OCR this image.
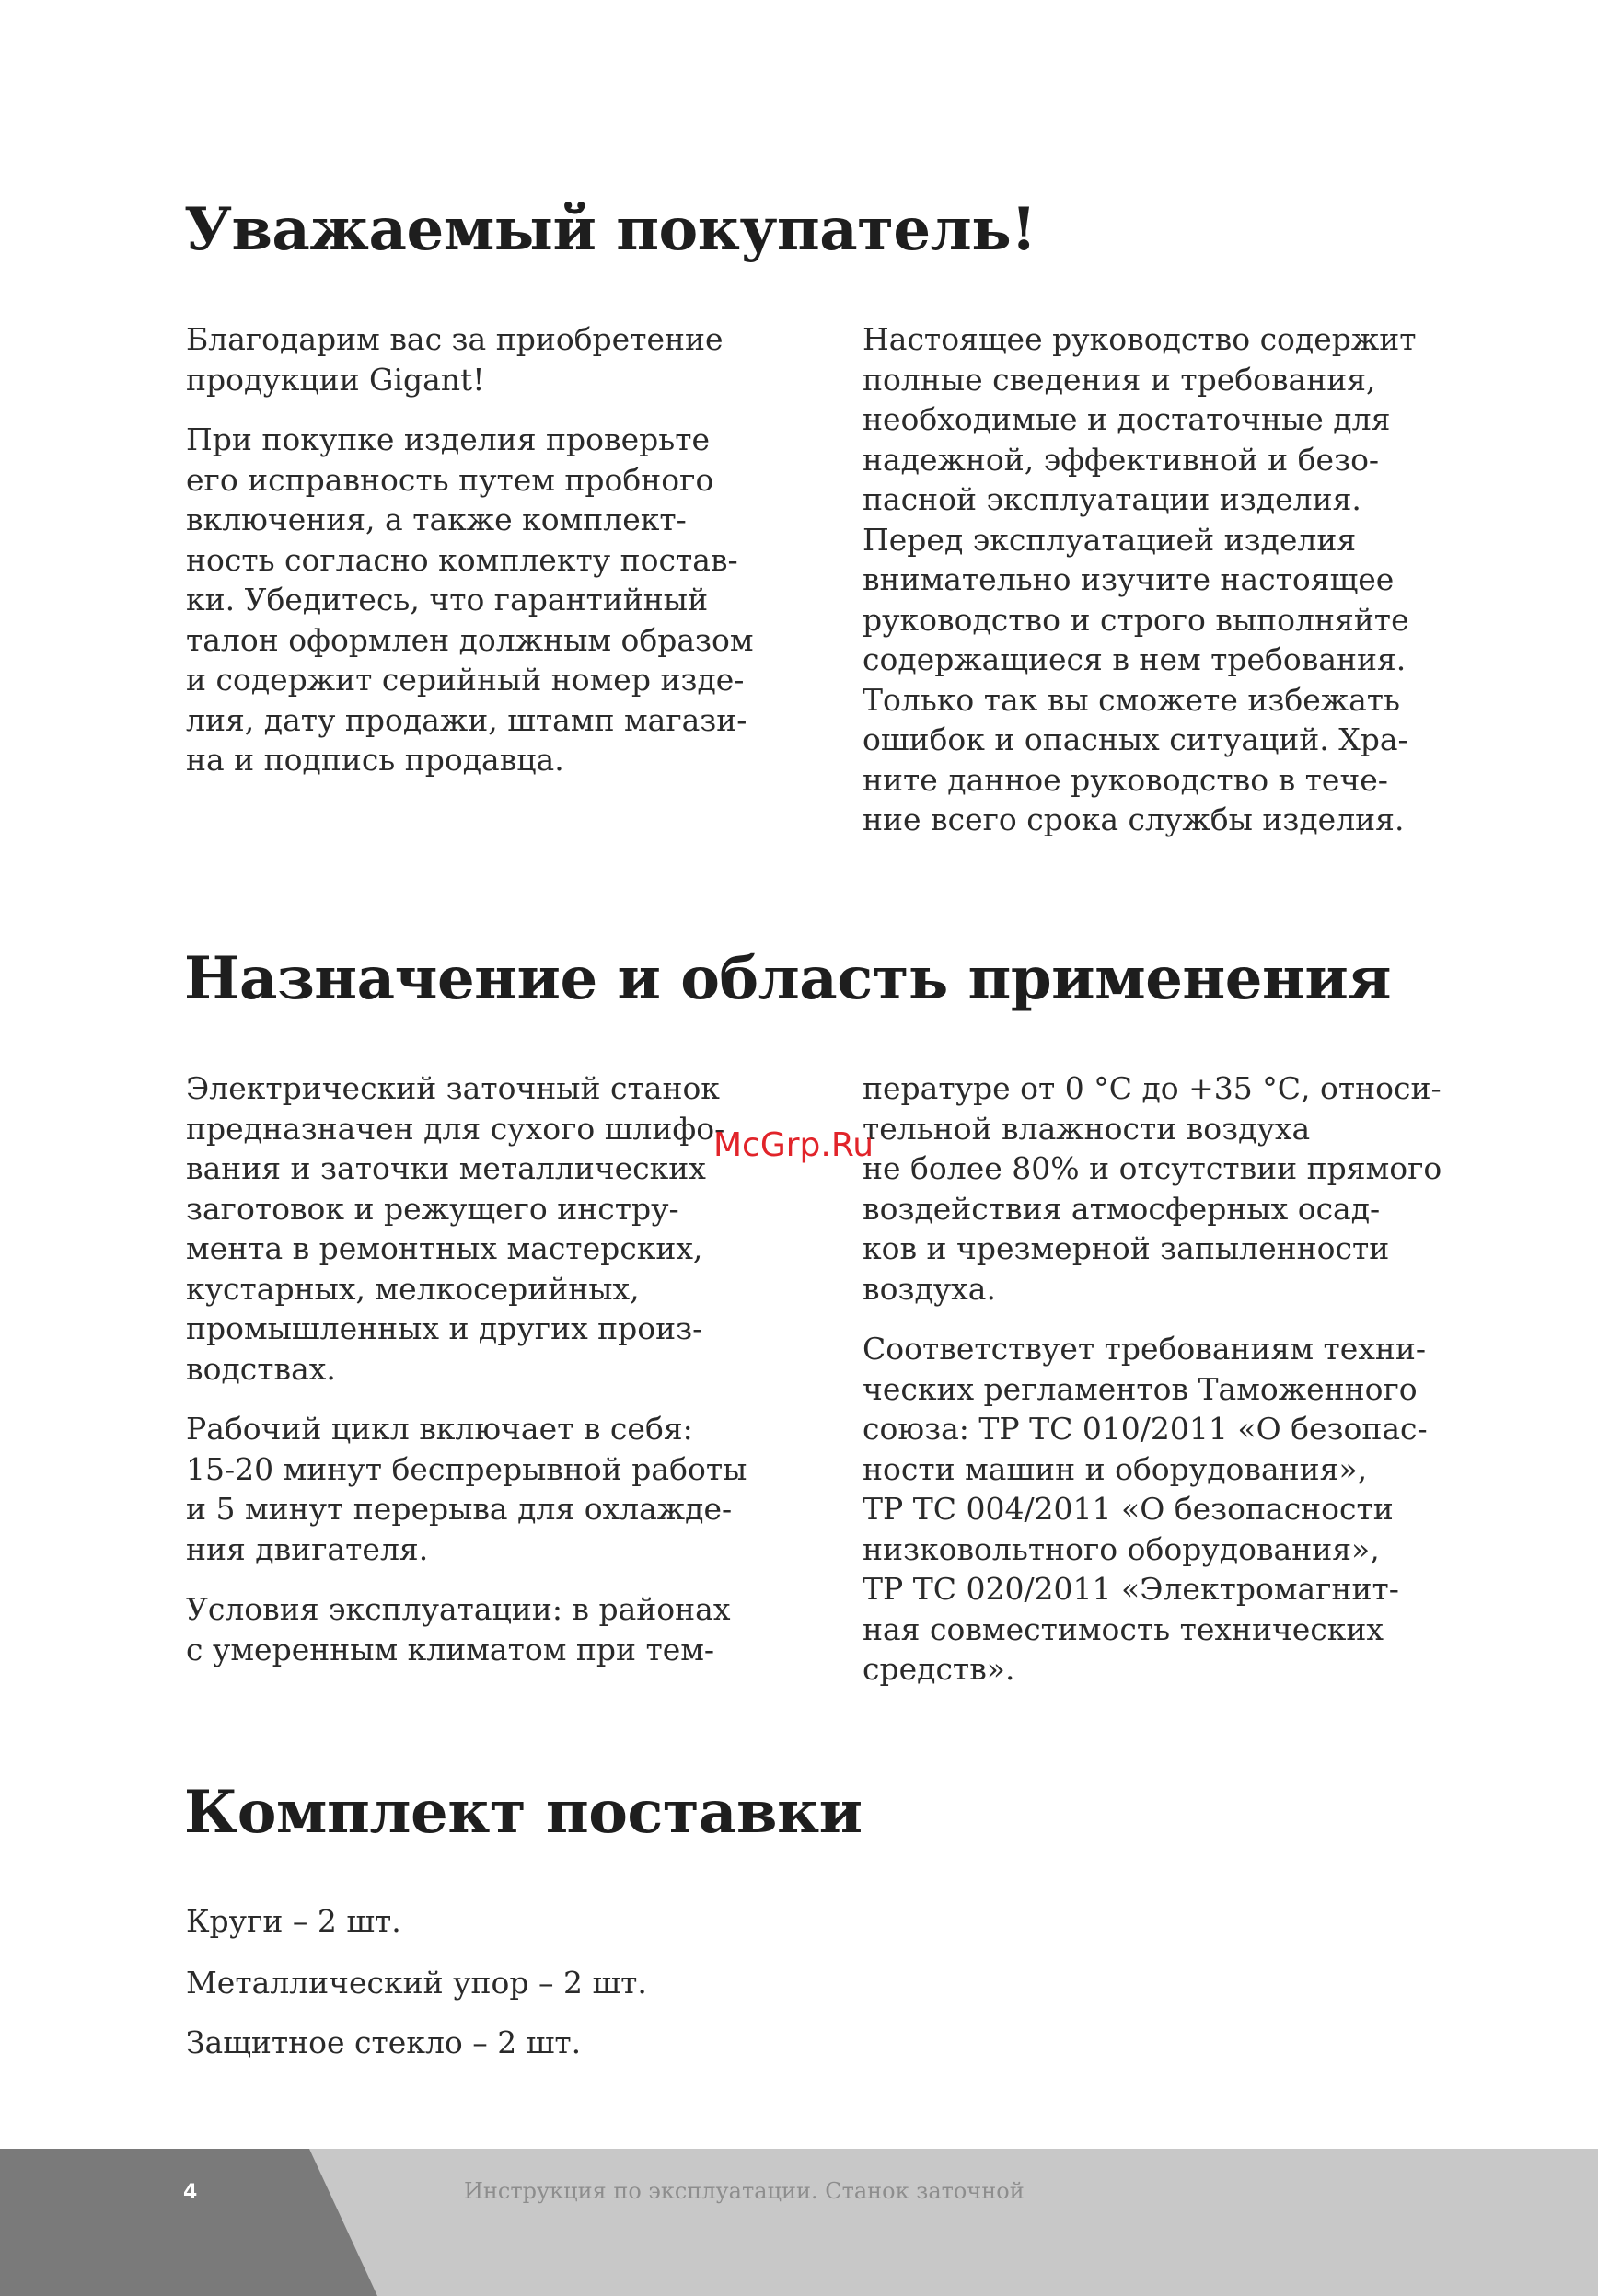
Уважаемый покупатель!

Благодарим вас за приобретение
продукции Gigant!

При покупке изделия проверьте
его исправность путем пробного
включения, а также комплект-
ность согласно комплекту постав-
ки. Убедитесь, что гарантийный
талон оформлен должным образом
и содержит серийный номер изде-
лия, дату продажи, штамп магази-
на и подпись продавца.

Настоящее руководство содержит
полные сведения и требования,
необходимые и достаточные для
надежной, эффективной и безо-
пасной эксплуатации изделия.
Перед эксплуатацией изделия
внимательно изучите настоящее
руководство и строго выполняйте
содержащиеся в нем требования.
Только так вы сможете избежать
ошибок и опасных ситуаций. Хра-
ните данное руководство в тече-
ние всего срока службы изделия.

Назначение и область применения

Электрический заточный станок
предназначен для сухого шлифо-
вания и заточки металлических
заготовок и режущего инстру-
мента в ремонтных мастерских,
кустарных, мелкосерийных,
промышленных и других произ-
водствах.

Рабочий цикл включает в себя:
15-20 минут беспрерывной работы
и 5 минут перерыва для охлажде-
ния двигателя.

Условия эксплуатации: в районах
с умеренным климатом при тем-

пературе от 0 °С до +35 °С, относи-
тельной влажности воздуха
не более 80% и отсутствии прямого
воздействия атмосферных осад-
ков и чрезмерной запыленности
воздуха.

Соответствует требованиям техни-
ческих регламентов Таможенного
союза: ТР ТС 010/2011 «О безопас-
ности машин и оборудования»,
ТР ТС 004/2011 «О безопасности
низковольтного оборудования»,
ТР ТС 020/2011 «Электромагнит-
ная совместимость технических
средств».

McGrp.Ru
Комплект поставки

Круги – 2 шт.

Металлический упор – 2 шт.

Защитное стекло – 2 шт.

4	Инструкция по эксплуатации. Станок заточной
